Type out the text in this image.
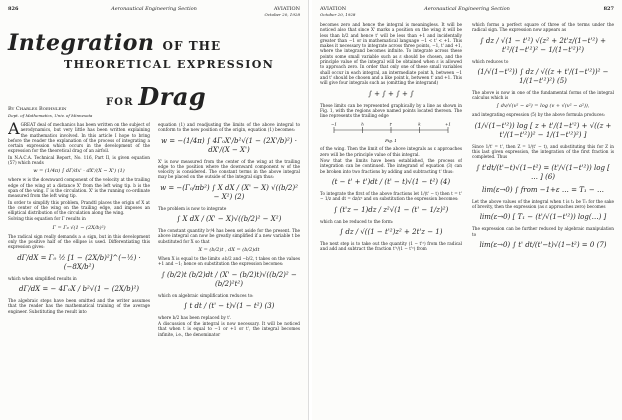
826	Aeronautical Engineering Section	AVIATION
October 20, 1928
Integration OF THE
THEORETICAL EXPRESSION
FOR Drag
By Charles Boehnlein
Dept. of Mathematics, Univ. of Minnesota

AGREAT deal of mechanics has been written on the subject of aerodynamics, but very little has been written explaining the mathematics involved. In this article I hope to bring before the reader the explanation of the process of integrating a certain expression which occurs in the development of the expression for the theoretical drag of an airfoil.

In N.A.C.A. Technical Report, No. 116, Part II, is given equation (57) which reads

w = (1/4π) ∫ dΓ/dx' · dX'/(X − X') (1)

where w is the downward component of the velocity at the trailing edge of the wing at a distance X' from the left wing tip. b is the span of the wing. Γ is the circulation. X' is the running co-ordinate measured from the left wing tip.

In order to simplify this problem, Prandtl places the origin of X at the center of the wing on the trailing edge, and imposes an elliptical distribution of the circulation along the wing.

Solving this equation for Γ results in

Γ = Γ₀ √(1 − (2X/b)²)

The radical sign really demands a ± sign, but in this development only the positive half of the ellipse is used. Differentiating this expression gives:

dΓ/dX = Γ₀ ½ [1 − (2X/b)²]^(−½) · (−8X/b²)

which when simplified results in

dΓ/dX = − 4Γ₀X / b²√(1 − (2X/b)²)

The algebraic steps have been omitted and the writer assumes that the reader has the mathematical training of the average engineer. Substituting the result into

equation (1) and readjusting the limits of the above integral to conform to the new position of the origin, equation (1) becomes:

w = −(1/4π) ∫ 4Γ₀X'/b²√(1 − (2X'/b)²) · dX'/(X − X')

X' is now measured from the center of the wing at the trailing edge to the position where the downward component w of the velocity is considered. The constant terms in the above integral may be placed on the outside of the integral sign thus:

w = −(Γ₀/πb²) ∫ X dX / (X' − X) √((b/2)² − X²) (2)

The problem is now to integrate

∫ X dX / (X' − X)√((b/2)² − X²)

The constant quantity b²/4 has been set aside for the present. The above integral can now be greatly simplified if a new variable t be substituted for X so that

X = (b/2)t , dX = (b/2)dt

When X is equal to the limits ±b/2 and −b/2, t takes on the values +1 and −1; hence on substitution the expression becomes:

∫ (b/2)t (b/2)dt / (X' − (b/2)t)√((b/2)² − (b/2)²t²)

which on algebraic simplification reduces to:

∫ t dt / (t' − t)√(1 − t²) (3)

where b/2 has been replaced by t'.

A discussion of the integral is now necessary. It will be noticed that when t is equal to −1 or +1 or t', the integral becomes infinite, i.e., the denominator

AVIATION
October 20, 1928
Aeronautical Engineering Section	827

becomes zero and hence the integral is meaningless. It will be noticed also that since X' marks a position on the wing it will be less than b/2 and hence t' will be less than +1 and incidentally greater than −1 or in mathematical language −1 < t' < +1. This makes it necessary to integrate across three points, −1, t' and +1, where the integrand becomes infinite. To integrate across these points some small variable such as ε should be chosen, and the principle value of the integral will be obtained when ε is allowed to approach zero. In order that only one of these small variables shall occur in each integral, an intermediate point h, between −1 and t' should be chosen and a like point k, between t' and +1. This will give four integrals such as (omitting the integrand)

∫ + ∫ + ∫ + ∫

These limits can be represented graphically by a line as shown in Fig. 1, with the regions above named points located thereon. The line represents the trailing edge

−1	h	t'	k	+1
Fig. 1

of the wing. Then the limit of the above integrals as ε approaches zero will be the principle value of this integral.

Now that the limits have been established, the process of integration can be continued. The integrand of equation (3) can be broken into two fractions by adding and subtracting t' thus:

(t − t' + t')dt / (t' − t)√(1 − t²) (4)

To integrate the first of the above fractions let 1/(t' − t) then t = t' − 1/z and dt = dz/z² and on substitution the expression becomes:

∫ (t'z − 1)dz / z²√(1 − (t' − 1/z)²)

which can be reduced to the form:

∫ dz / √((1 − t'²)z² + 2t'z − 1)

The next step is to take out the quantity (1 − t'²) from the radical and add and subtract the fraction t'²/(1 − t'²) from

which forms a perfect square of three of the terms under the radical sign. The expression now appears as

∫ dz / √(1 − t'²) √(z² + 2t'z/(1−t'²) + t'²/(1−t'²)² − 1/(1−t'²)²)

which reduces to

(1/√(1−t'²)) ∫ dz / √((z + t'/(1−t'²))² − 1/(1−t'²)²) (5)

The above is now in one of the fundamental forms of the integral calculus which is

∫ dv/√(v² − a²) = log (v + √(v² − a²)),

and integrating expression (5) by the above formula produces:

(1/√(1−t'²)) log [ z + t'/(1−t'²) + √((z + t'/(1−t'²))² − 1/(1−t'²)²) ]

Since 1/t' = t', then Z = 1/(t' − t), and substituting this for Z in this last given expression, the integration of the first fraction is completed. Thus

∫ t'dt/(t'−t)√(1−t²) = (t'/√(1−t'²)) log [ … ] (6)
lim(ε→0) ∫ from −1+ε … = T₁ − …

Let the above values of the integral when t is t₁ be T₁ for the sake of brevity, then the expression (as ε approaches zero) becomes

lim(ε→0) [ T₁ − (t'/√(1−t'²)) log(…) ]

The expression can be further reduced by algebraic manipulation to

lim(ε→0) ∫ t' dt/(t'−t)√(1−t²) = 0 (7)
